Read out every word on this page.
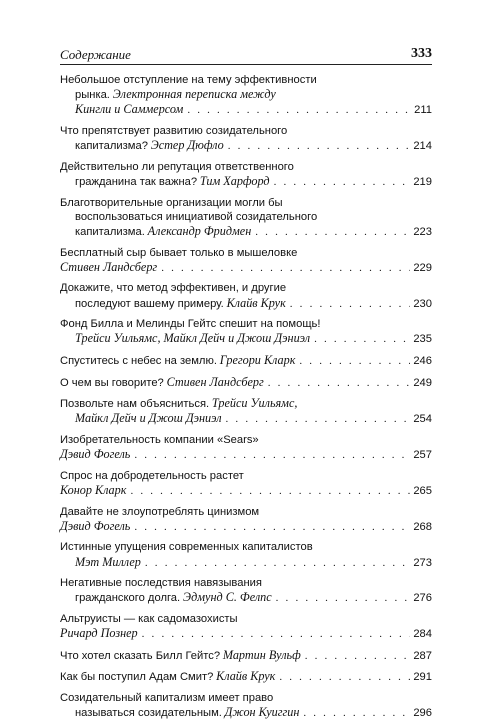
Содержание	333
Небольшое отступление на тему эффективности
рынка. Электронная переписка между
Кингли и Саммерсом . . .	211
Что препятствует развитию созидательного
капитализма? Эстер Дюфло . . .	214
Действительно ли репутация ответственного
гражданина так важна? Тим Харфорд . . .	219
Благотворительные организации могли бы
воспользоваться инициативой созидательного
капитализма. Александр Фридмен . . .	223
Бесплатный сыр бывает только в мышеловке
Стивен Ландсберг . . .	229
Докажите, что метод эффективен, и другие
последуют вашему примеру. Клайв Крук . . .	230
Фонд Билла и Мелинды Гейтс спешит на помощь!
Трейси Уильямс, Майкл Дейч и Джош Дэниэл . . .	235
Спуститесь с небес на землю. Грегори Кларк . . .	246
О чем вы говорите? Стивен Ландсберг . . .	249
Позвольте нам объясниться. Трейси Уильямс,
Майкл Дейч и Джош Дэниэл . . .	254
Изобретательность компании «Sears»
Дэвид Фогель . . .	257
Спрос на добродетельность растет
Конор Кларк . . .	265
Давайте не злоупотреблять цинизмом
Дэвид Фогель . . .	268
Истинные упущения современных капиталистов
Мэт Миллер . . .	273
Негативные последствия навязывания
гражданского долга. Эдмунд С. Фелпс . . .	276
Альтруисты — как садомазохисты
Ричард Познер . . .	284
Что хотел сказать Билл Гейтс? Мартин Вульф . . .	287
Как бы поступил Адам Смит? Клайв Крук . . .	291
Созидательный капитализм имеет право
называться созидательным. Джон Куиггин . . .	296
